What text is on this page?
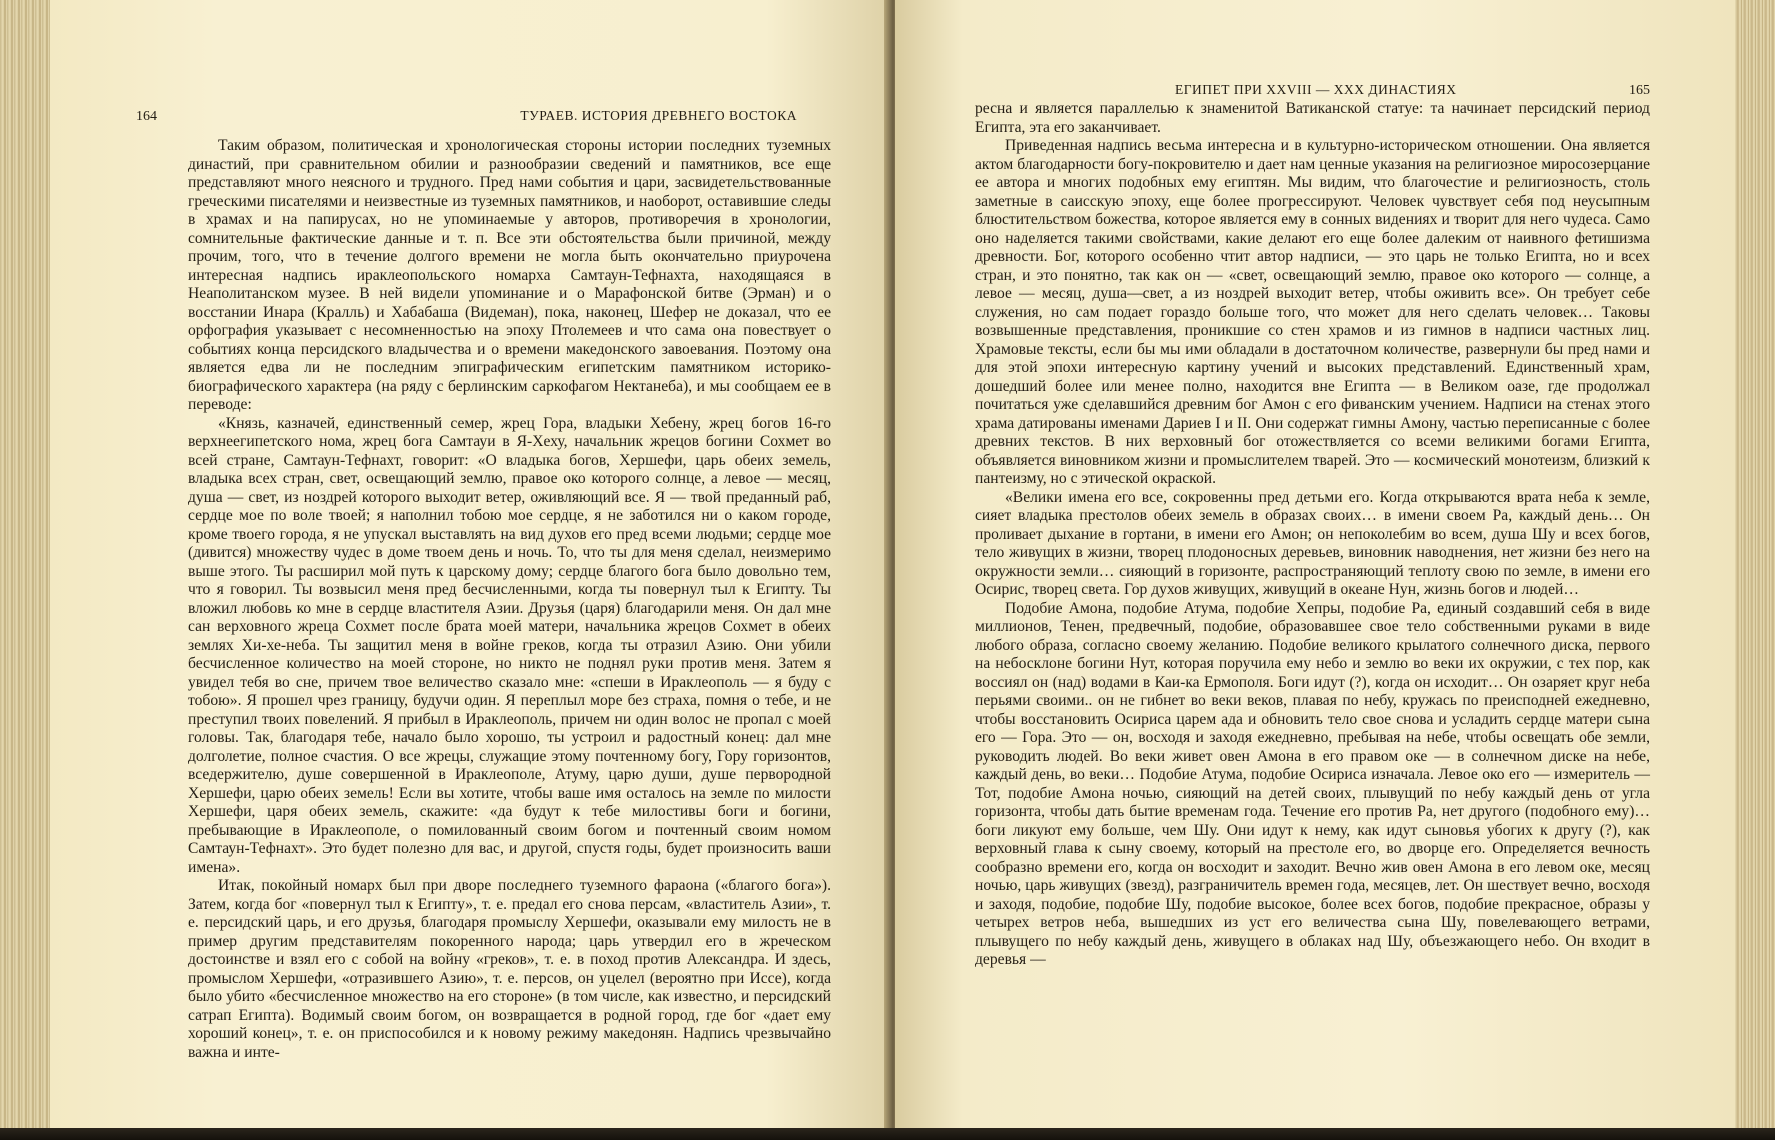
164	ТУРАЕВ. ИСТОРИЯ ДРЕВНЕГО ВОСТОКА

Таким образом, политическая и хронологическая стороны истории последних туземных династий, при сравнительном обилии и разнообразии сведений и памятников, все еще представляют много неясного и трудного. Пред нами события и цари, засвидетельствованные греческими писателями и неизвестные из туземных памятников, и наоборот, оставившие следы в храмах и на папирусах, но не упоминаемые у авторов, противоречия в хронологии, сомнительные фактические данные и т. п. Все эти обстоятельства были причиной, между прочим, того, что в течение долгого времени не могла быть окончательно приурочена интересная надпись ираклеопольского номарха Самтаун-Тефнахта, находящаяся в Неаполитанском музее. В ней видели упоминание и о Марафонской битве (Эрман) и о восстании Инара (Кралль) и Хабабаша (Видеман), пока, наконец, Шефер не доказал, что ее орфография указывает с несомненностью на эпоху Птолемеев и что сама она повествует о событиях конца персидского владычества и о времени македонского завоевания. Поэтому она является едва ли не последним эпиграфическим египетским памятником историко-биографического характера (на ряду с берлинским саркофагом Нектанеба), и мы сообщаем ее в переводе:

«Князь, казначей, единственный семер, жрец Гора, владыки Хебену, жрец богов 16-го верхнеегипетского нома, жрец бога Самтауи в Я-Хеху, начальник жрецов богини Сохмет во всей стране, Самтаун-Тефнахт, говорит: «О владыка богов, Хершефи, царь обеих земель, владыка всех стран, свет, освещающий землю, правое око которого солнце, а левое — месяц, душа — свет, из ноздрей которого выходит ветер, оживляющий все. Я — твой преданный раб, сердце мое по воле твоей; я наполнил тобою мое сердце, я не заботился ни о каком городе, кроме твоего города, я не упускал выставлять на вид духов его пред всеми людьми; сердце мое (дивится) множеству чудес в доме твоем день и ночь. То, что ты для меня сделал, неизмеримо выше этого. Ты расширил мой путь к царскому дому; сердце благого бога было довольно тем, что я говорил. Ты возвысил меня пред бесчисленными, когда ты повернул тыл к Египту. Ты вложил любовь ко мне в сердце властителя Азии. Друзья (царя) благодарили меня. Он дал мне сан верховного жреца Сохмет после брата моей матери, начальника жрецов Сохмет в обеих землях Хи-хе-неба. Ты защитил меня в войне греков, когда ты отразил Азию. Они убили бесчисленное количество на моей стороне, но никто не поднял руки против меня. Затем я увидел тебя во сне, причем твое величество сказало мне: «спеши в Ираклеополь — я буду с тобою». Я прошел чрез границу, будучи один. Я переплыл море без страха, помня о тебе, и не преступил твоих повелений. Я прибыл в Ираклеополь, причем ни один волос не пропал с моей головы. Так, благодаря тебе, начало было хорошо, ты устроил и радостный конец: дал мне долголетие, полное счастия. О все жрецы, служащие этому почтенному богу, Гору горизонтов, вседержителю, душе совершенной в Ираклеополе, Атуму, царю души, душе первородной Хершефи, царю обеих земель! Если вы хотите, чтобы ваше имя осталось на земле по милости Хершефи, царя обеих земель, скажите: «да будут к тебе милостивы боги и богини, пребывающие в Ираклеополе, о помилованный своим богом и почтенный своим номом Самтаун-Тефнахт». Это будет полезно для вас, и другой, спустя годы, будет произносить ваши имена».

Итак, покойный номарх был при дворе последнего туземного фараона («благого бога»). Затем, когда бог «повернул тыл к Египту», т. е. предал его снова персам, «властитель Азии», т. е. персидский царь, и его друзья, благодаря промыслу Хершефи, оказывали ему милость не в пример другим представителям покоренного народа; царь утвердил его в жреческом достоинстве и взял его с собой на войну «греков», т. е. в поход против Александра. И здесь, промыслом Хершефи, «отразившего Азию», т. е. персов, он уцелел (вероятно при Иссе), когда было убито «бесчисленное множество на его стороне» (в том числе, как известно, и персидский сатрап Египта). Водимый своим богом, он возвращается в родной город, где бог «дает ему хороший конец», т. е. он приспособился и к новому режиму македонян. Надпись чрезвычайно важна и инте-

ЕГИПЕТ ПРИ XXVIII — XXX ДИНАСТИЯХ	165

ресна и является параллелью к знаменитой Ватиканской статуе: та начинает персидский период Египта, эта его заканчивает.

Приведенная надпись весьма интересна и в культурно-историческом отношении. Она является актом благодарности богу-покровителю и дает нам ценные указания на религиозное миросозерцание ее автора и многих подобных ему египтян. Мы видим, что благочестие и религиозность, столь заметные в саисскую эпоху, еще более прогрессируют. Человек чувствует себя под неусыпным блюстительством божества, которое является ему в сонных видениях и творит для него чудеса. Само оно наделяется такими свойствами, какие делают его еще более далеким от наивного фетишизма древности. Бог, которого особенно чтит автор надписи, — это царь не только Египта, но и всех стран, и это понятно, так как он — «свет, освещающий землю, правое око которого — солнце, а левое — месяц, душа—свет, а из ноздрей выходит ветер, чтобы оживить все». Он требует себе служения, но сам подает гораздо больше того, что может для него сделать человек… Таковы возвышенные представления, проникшие со стен храмов и из гимнов в надписи частных лиц. Храмовые тексты, если бы мы ими обладали в достаточном количестве, развернули бы пред нами и для этой эпохи интересную картину учений и высоких представлений. Единственный храм, дошедший более или менее полно, находится вне Египта — в Великом оазе, где продолжал почитаться уже сделавшийся древним бог Амон с его фиванским учением. Надписи на стенах этого храма датированы именами Дариев I и II. Они содержат гимны Амону, частью переписанные с более древних текстов. В них верховный бог отожествляется со всеми великими богами Египта, объявляется виновником жизни и промыслителем тварей. Это — космический монотеизм, близкий к пантеизму, но с этической окраской.

«Велики имена его все, сокровенны пред детьми его. Когда открываются врата неба к земле, сияет владыка престолов обеих земель в образах своих… в имени своем Ра, каждый день… Он проливает дыхание в гортани, в имени его Амон; он непоколебим во всем, душа Шу и всех богов, тело живущих в жизни, творец плодоносных деревьев, виновник наводнения, нет жизни без него на окружности земли… сияющий в горизонте, распространяющий теплоту свою по земле, в имени его Осирис, творец света. Гор духов живущих, живущий в океане Нун, жизнь богов и людей…

Подобие Амона, подобие Атума, подобие Хепры, подобие Ра, единый создавший себя в виде миллионов, Тенен, предвечный, подобие, образовавшее свое тело собственными руками в виде любого образа, согласно своему желанию. Подобие великого крылатого солнечного диска, первого на небосклоне богини Нут, которая поручила ему небо и землю во веки их окружии, с тех пор, как воссиял он (над) водами в Каи-ка Ермополя. Боги идут (?), когда он исходит… Он озаряет круг неба перьями своими.. он не гибнет во веки веков, плавая по небу, кружась по преисподней ежедневно, чтобы восстановить Осириса царем ада и обновить тело свое снова и усладить сердце матери сына его — Гора. Это — он, восходя и заходя ежедневно, пребывая на небе, чтобы освещать обе земли, руководить людей. Во веки живет овен Амона в его правом оке — в солнечном диске на небе, каждый день, во веки… Подобие Атума, подобие Осириса изначала. Левое око его — измеритель — Тот, подобие Амона ночью, сияющий на детей своих, плывущий по небу каждый день от угла горизонта, чтобы дать бытие временам года. Течение его против Ра, нет другого (подобного ему)… боги ликуют ему больше, чем Шу. Они идут к нему, как идут сыновья убогих к другу (?), как верховный глава к сыну своему, который на престоле его, во дворце его. Определяется вечность сообразно времени его, когда он восходит и заходит. Вечно жив овен Амона в его левом оке, месяц ночью, царь живущих (звезд), разграничитель времен года, месяцев, лет. Он шествует вечно, восходя и заходя, подобие, подобие Шу, подобие высокое, более всех богов, подобие прекрасное, образы у четырех ветров неба, вышедших из уст его величества сына Шу, повелевающего ветрами, плывущего по небу каждый день, живущего в облаках над Шу, объезжающего небо. Он входит в деревья —
